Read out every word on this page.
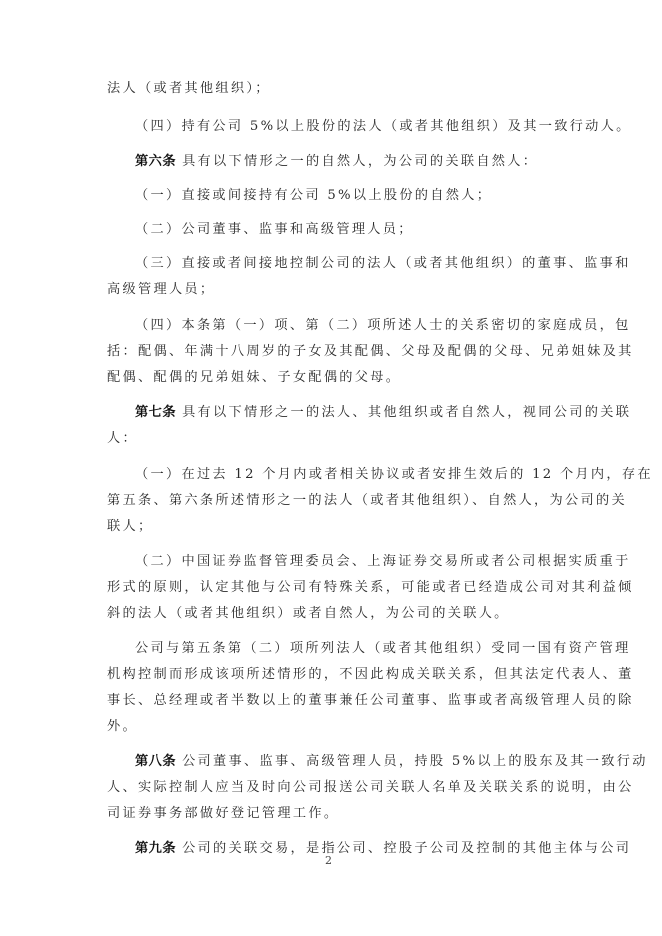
法人（或者其他组织）；
（四）持有公司 5%以上股份的法人（或者其他组织）及其一致行动人。
第六条 具有以下情形之一的自然人，为公司的关联自然人：
（一）直接或间接持有公司 5%以上股份的自然人；
（二）公司董事、监事和高级管理人员；
（三）直接或者间接地控制公司的法人（或者其他组织）的董事、监事和
高级管理人员；
（四）本条第（一）项、第（二）项所述人士的关系密切的家庭成员，包
括：配偶、年满十八周岁的子女及其配偶、父母及配偶的父母、兄弟姐妹及其
配偶、配偶的兄弟姐妹、子女配偶的父母。
第七条 具有以下情形之一的法人、其他组织或者自然人，视同公司的关联
人：
（一）在过去 12 个月内或者相关协议或者安排生效后的 12 个月内，存在
第五条、第六条所述情形之一的法人（或者其他组织）、自然人，为公司的关
联人；
（二）中国证券监督管理委员会、上海证券交易所或者公司根据实质重于
形式的原则，认定其他与公司有特殊关系，可能或者已经造成公司对其利益倾
斜的法人（或者其他组织）或者自然人，为公司的关联人。
公司与第五条第（二）项所列法人（或者其他组织）受同一国有资产管理
机构控制而形成该项所述情形的，不因此构成关联关系，但其法定代表人、董
事长、总经理或者半数以上的董事兼任公司董事、监事或者高级管理人员的除
外。
第八条 公司董事、监事、高级管理人员，持股 5%以上的股东及其一致行动
人、实际控制人应当及时向公司报送公司关联人名单及关联关系的说明，由公
司证券事务部做好登记管理工作。
第九条 公司的关联交易，是指公司、控股子公司及控制的其他主体与公司
2
